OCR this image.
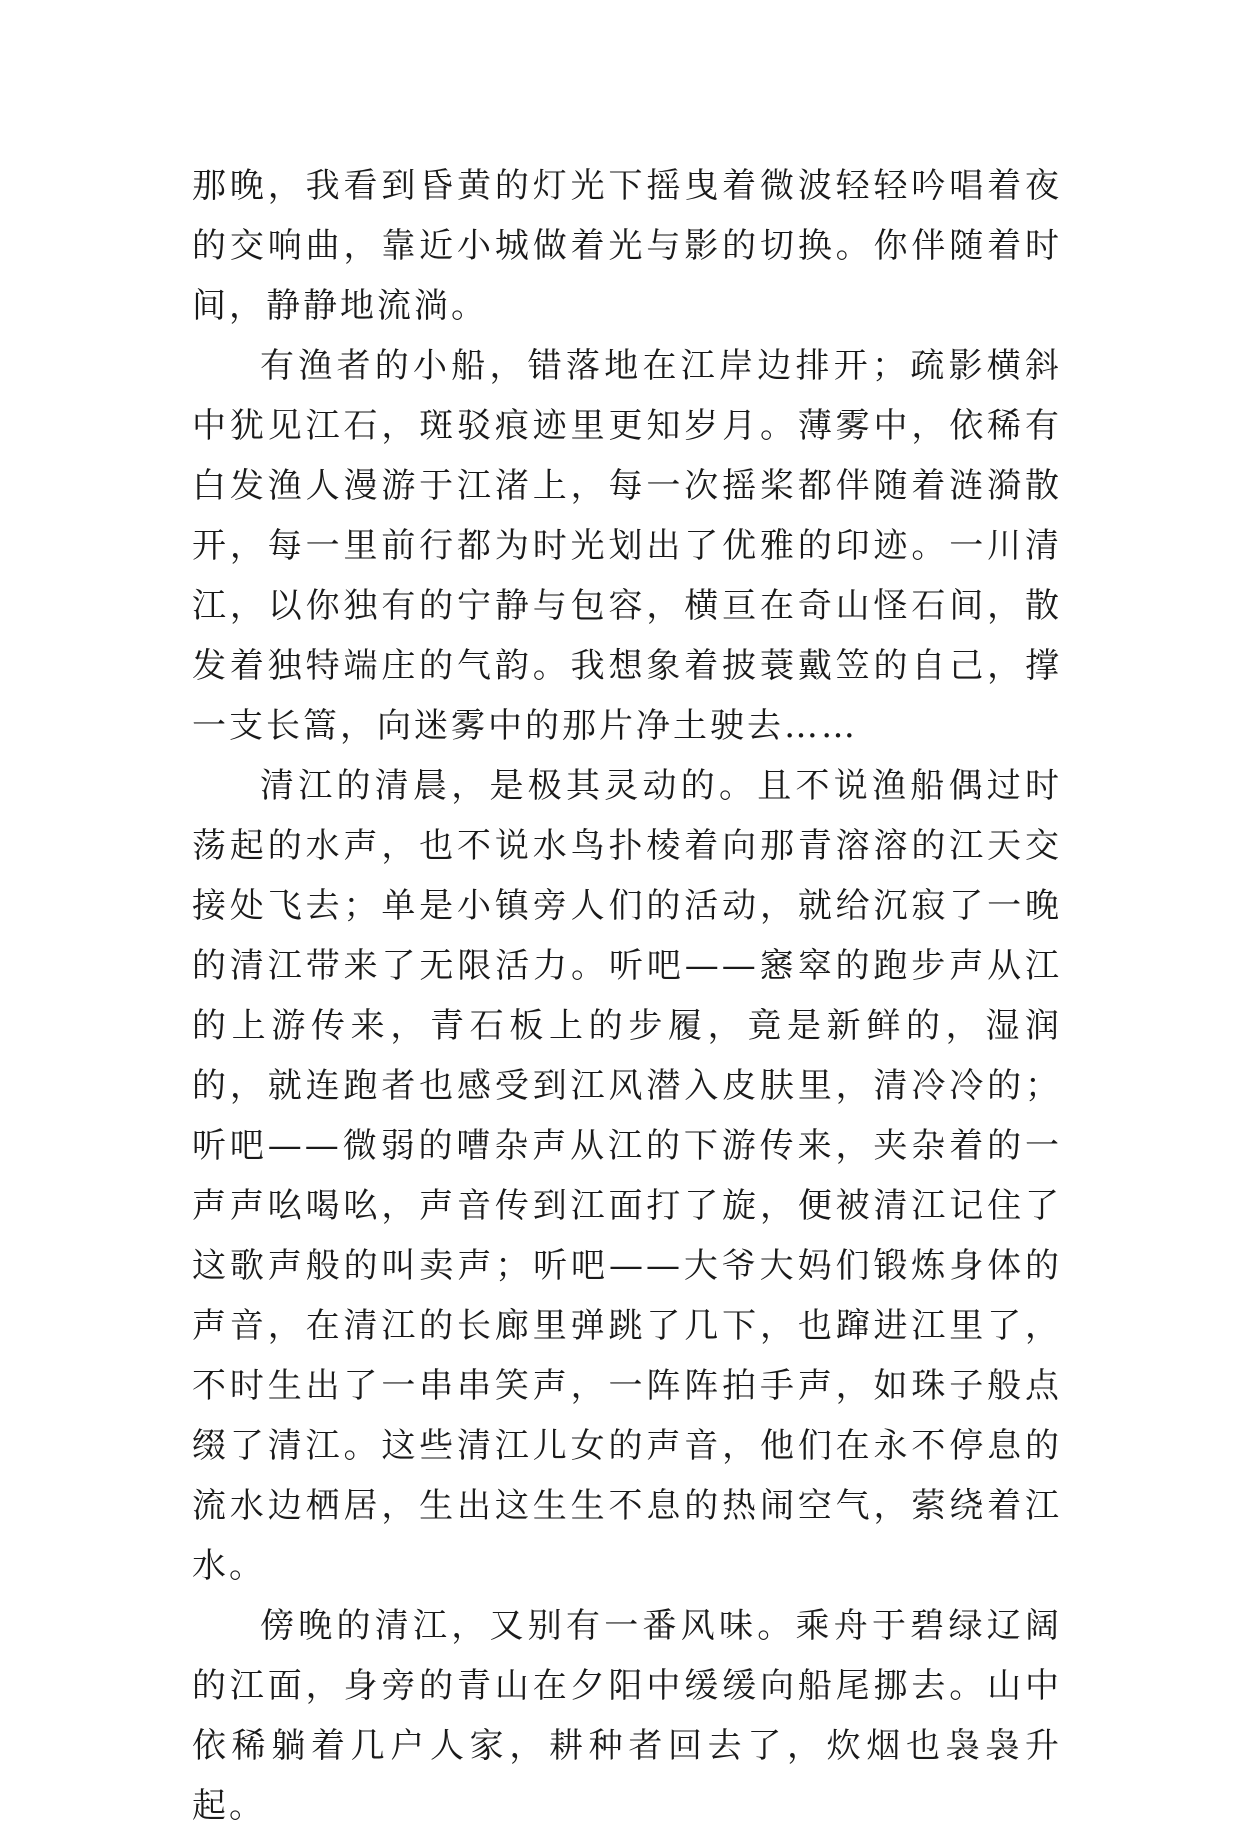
那晚，我看到昏黄的灯光下摇曳着微波轻轻吟唱着夜的交响曲，靠近小城做着光与影的切换。你伴随着时间，静静地流淌。

有渔者的小船，错落地在江岸边排开；疏影横斜中犹见江石，斑驳痕迹里更知岁月。薄雾中，依稀有白发渔人漫游于江渚上，每一次摇桨都伴随着涟漪散开，每一里前行都为时光划出了优雅的印迹。一川清江，以你独有的宁静与包容，横亘在奇山怪石间，散发着独特端庄的气韵。我想象着披蓑戴笠的自己，撑一支长篙，向迷雾中的那片净土驶去……

清江的清晨，是极其灵动的。且不说渔船偶过时荡起的水声，也不说水鸟扑棱着向那青溶溶的江天交接处飞去；单是小镇旁人们的活动，就给沉寂了一晚的清江带来了无限活力。听吧——窸窣的跑步声从江的上游传来，青石板上的步履，竟是新鲜的，湿润的，就连跑者也感受到江风潜入皮肤里，清冷冷的；听吧——微弱的嘈杂声从江的下游传来，夹杂着的一声声吆喝吆，声音传到江面打了旋，便被清江记住了这歌声般的叫卖声；听吧——大爷大妈们锻炼身体的声音，在清江的长廊里弹跳了几下，也蹿进江里了，不时生出了一串串笑声，一阵阵拍手声，如珠子般点缀了清江。这些清江儿女的声音，他们在永不停息的流水边栖居，生出这生生不息的热闹空气，萦绕着江水。

傍晚的清江，又别有一番风味。乘舟于碧绿辽阔的江面，身旁的青山在夕阳中缓缓向船尾挪去。山中依稀躺着几户人家，耕种者回去了，炊烟也袅袅升起。
